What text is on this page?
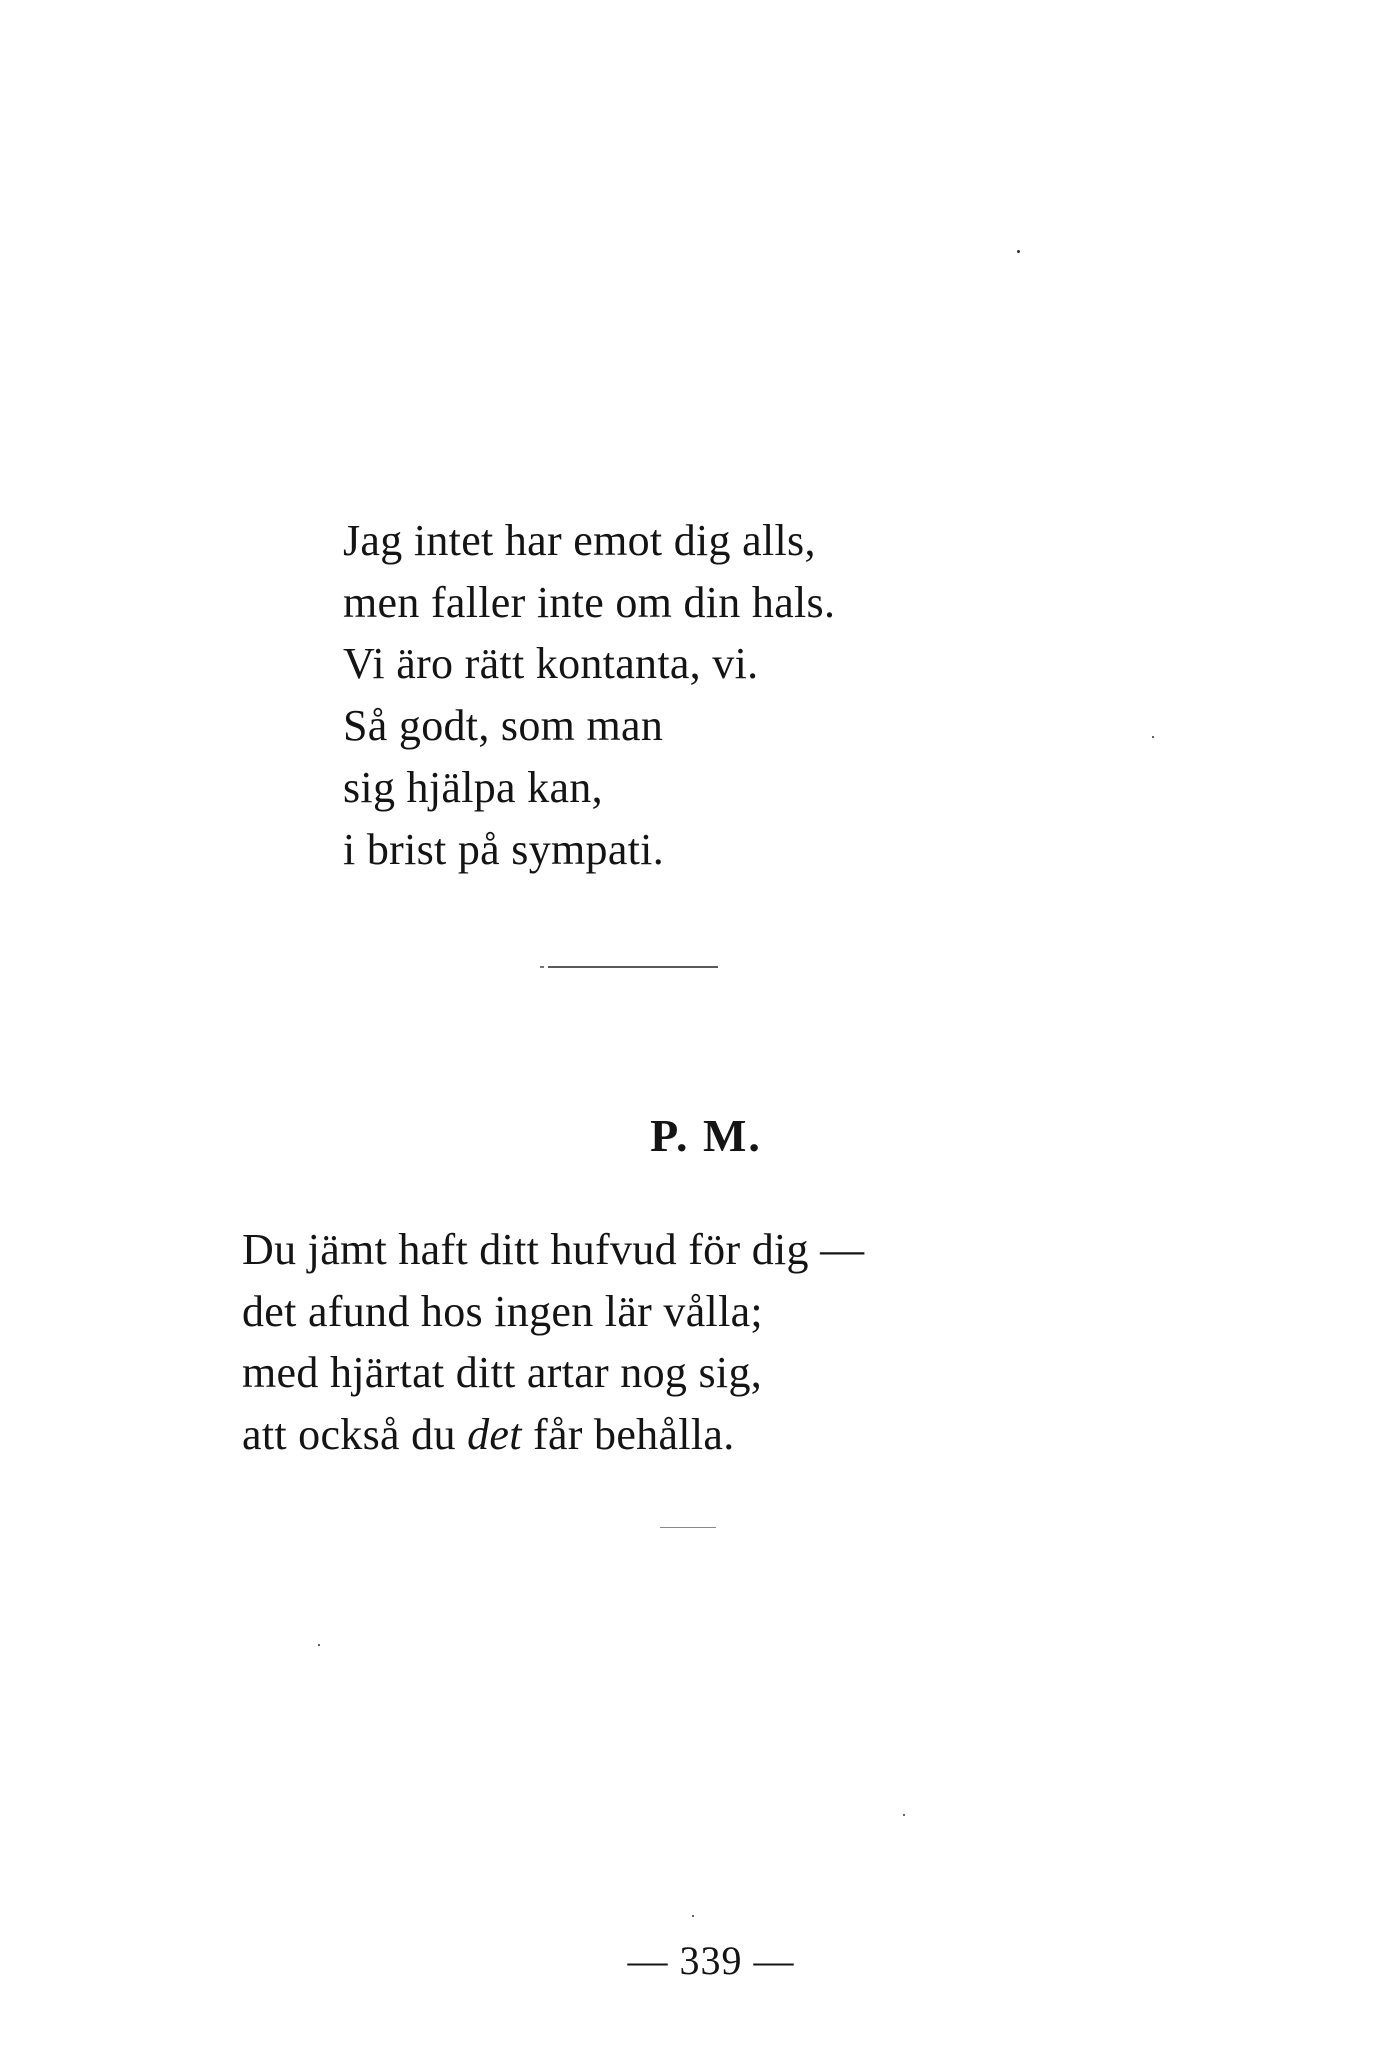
Jag intet har emot dig alls,
men faller inte om din hals.
Vi äro rätt kontanta, vi.
Så godt, som man
sig hjälpa kan,
i brist på sympati.
P. M.
Du jämt haft ditt hufvud för dig —
det afund hos ingen lär vålla;
med hjärtat ditt artar nog sig,
att också du det får behålla.
— 339 —
